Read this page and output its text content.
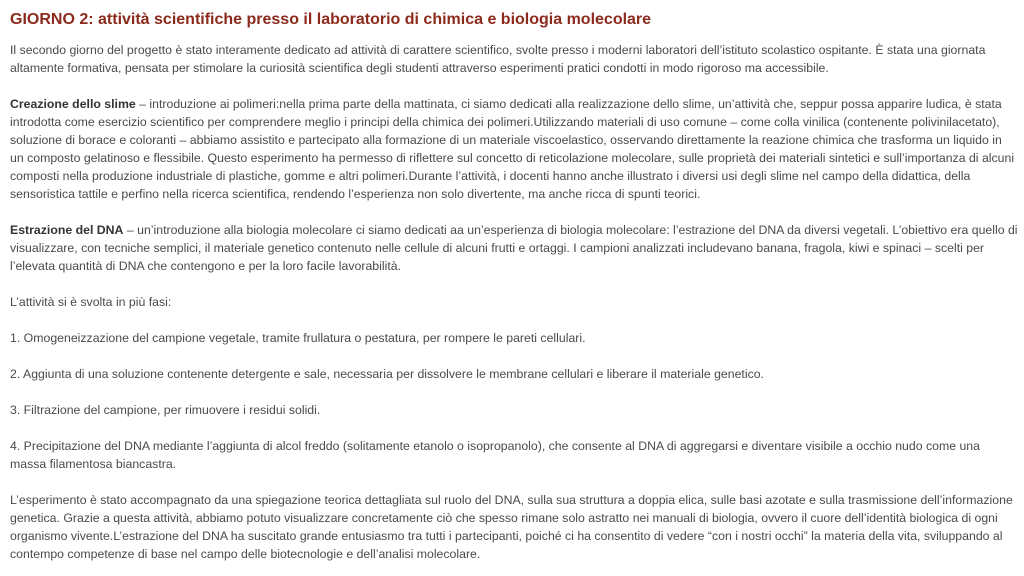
GIORNO 2: attività scientifiche presso il laboratorio di chimica e biologia molecolare

Il secondo giorno del progetto è stato interamente dedicato ad attività di carattere scientifico, svolte presso i moderni laboratori dell’istituto scolastico ospitante. È stata una giornata altamente formativa, pensata per stimolare la curiosità scientifica degli studenti attraverso esperimenti pratici condotti in modo rigoroso ma accessibile.

Creazione dello slime – introduzione ai polimeri:nella prima parte della mattinata, ci siamo dedicati alla realizzazione dello slime, un’attività che, seppur possa apparire ludica, è stata introdotta come esercizio scientifico per comprendere meglio i principi della chimica dei polimeri.Utilizzando materiali di uso comune – come colla vinilica (contenente polivinilacetato), soluzione di borace e coloranti – abbiamo assistito e partecipato alla formazione di un materiale viscoelastico, osservando direttamente la reazione chimica che trasforma un liquido in un composto gelatinoso e flessibile. Questo esperimento ha permesso di riflettere sul concetto di reticolazione molecolare, sulle proprietà dei materiali sintetici e sull’importanza di alcuni composti nella produzione industriale di plastiche, gomme e altri polimeri.Durante l’attività, i docenti hanno anche illustrato i diversi usi degli slime nel campo della didattica, della sensoristica tattile e perfino nella ricerca scientifica, rendendo l’esperienza non solo divertente, ma anche ricca di spunti teorici.

Estrazione del DNA – un’introduzione alla biologia molecolare ci siamo dedicati aa un’esperienza di biologia molecolare: l’estrazione del DNA da diversi vegetali. L’obiettivo era quello di visualizzare, con tecniche semplici, il materiale genetico contenuto nelle cellule di alcuni frutti e ortaggi. I campioni analizzati includevano banana, fragola, kiwi e spinaci – scelti per l’elevata quantità di DNA che contengono e per la loro facile lavorabilità.

L’attività si è svolta in più fasi:

1. Omogeneizzazione del campione vegetale, tramite frullatura o pestatura, per rompere le pareti cellulari.

2. Aggiunta di una soluzione contenente detergente e sale, necessaria per dissolvere le membrane cellulari e liberare il materiale genetico.

3. Filtrazione del campione, per rimuovere i residui solidi.

4. Precipitazione del DNA mediante l’aggiunta di alcol freddo (solitamente etanolo o isopropanolo), che consente al DNA di aggregarsi e diventare visibile a occhio nudo come una massa filamentosa biancastra.

L’esperimento è stato accompagnato da una spiegazione teorica dettagliata sul ruolo del DNA, sulla sua struttura a doppia elica, sulle basi azotate e sulla trasmissione dell’informazione genetica. Grazie a questa attività, abbiamo potuto visualizzare concretamente ciò che spesso rimane solo astratto nei manuali di biologia, ovvero il cuore dell’identità biologica di ogni organismo vivente.L’estrazione del DNA ha suscitato grande entusiasmo tra tutti i partecipanti, poiché ci ha consentito di vedere “con i nostri occhi” la materia della vita, sviluppando al contempo competenze di base nel campo delle biotecnologie e dell’analisi molecolare.
